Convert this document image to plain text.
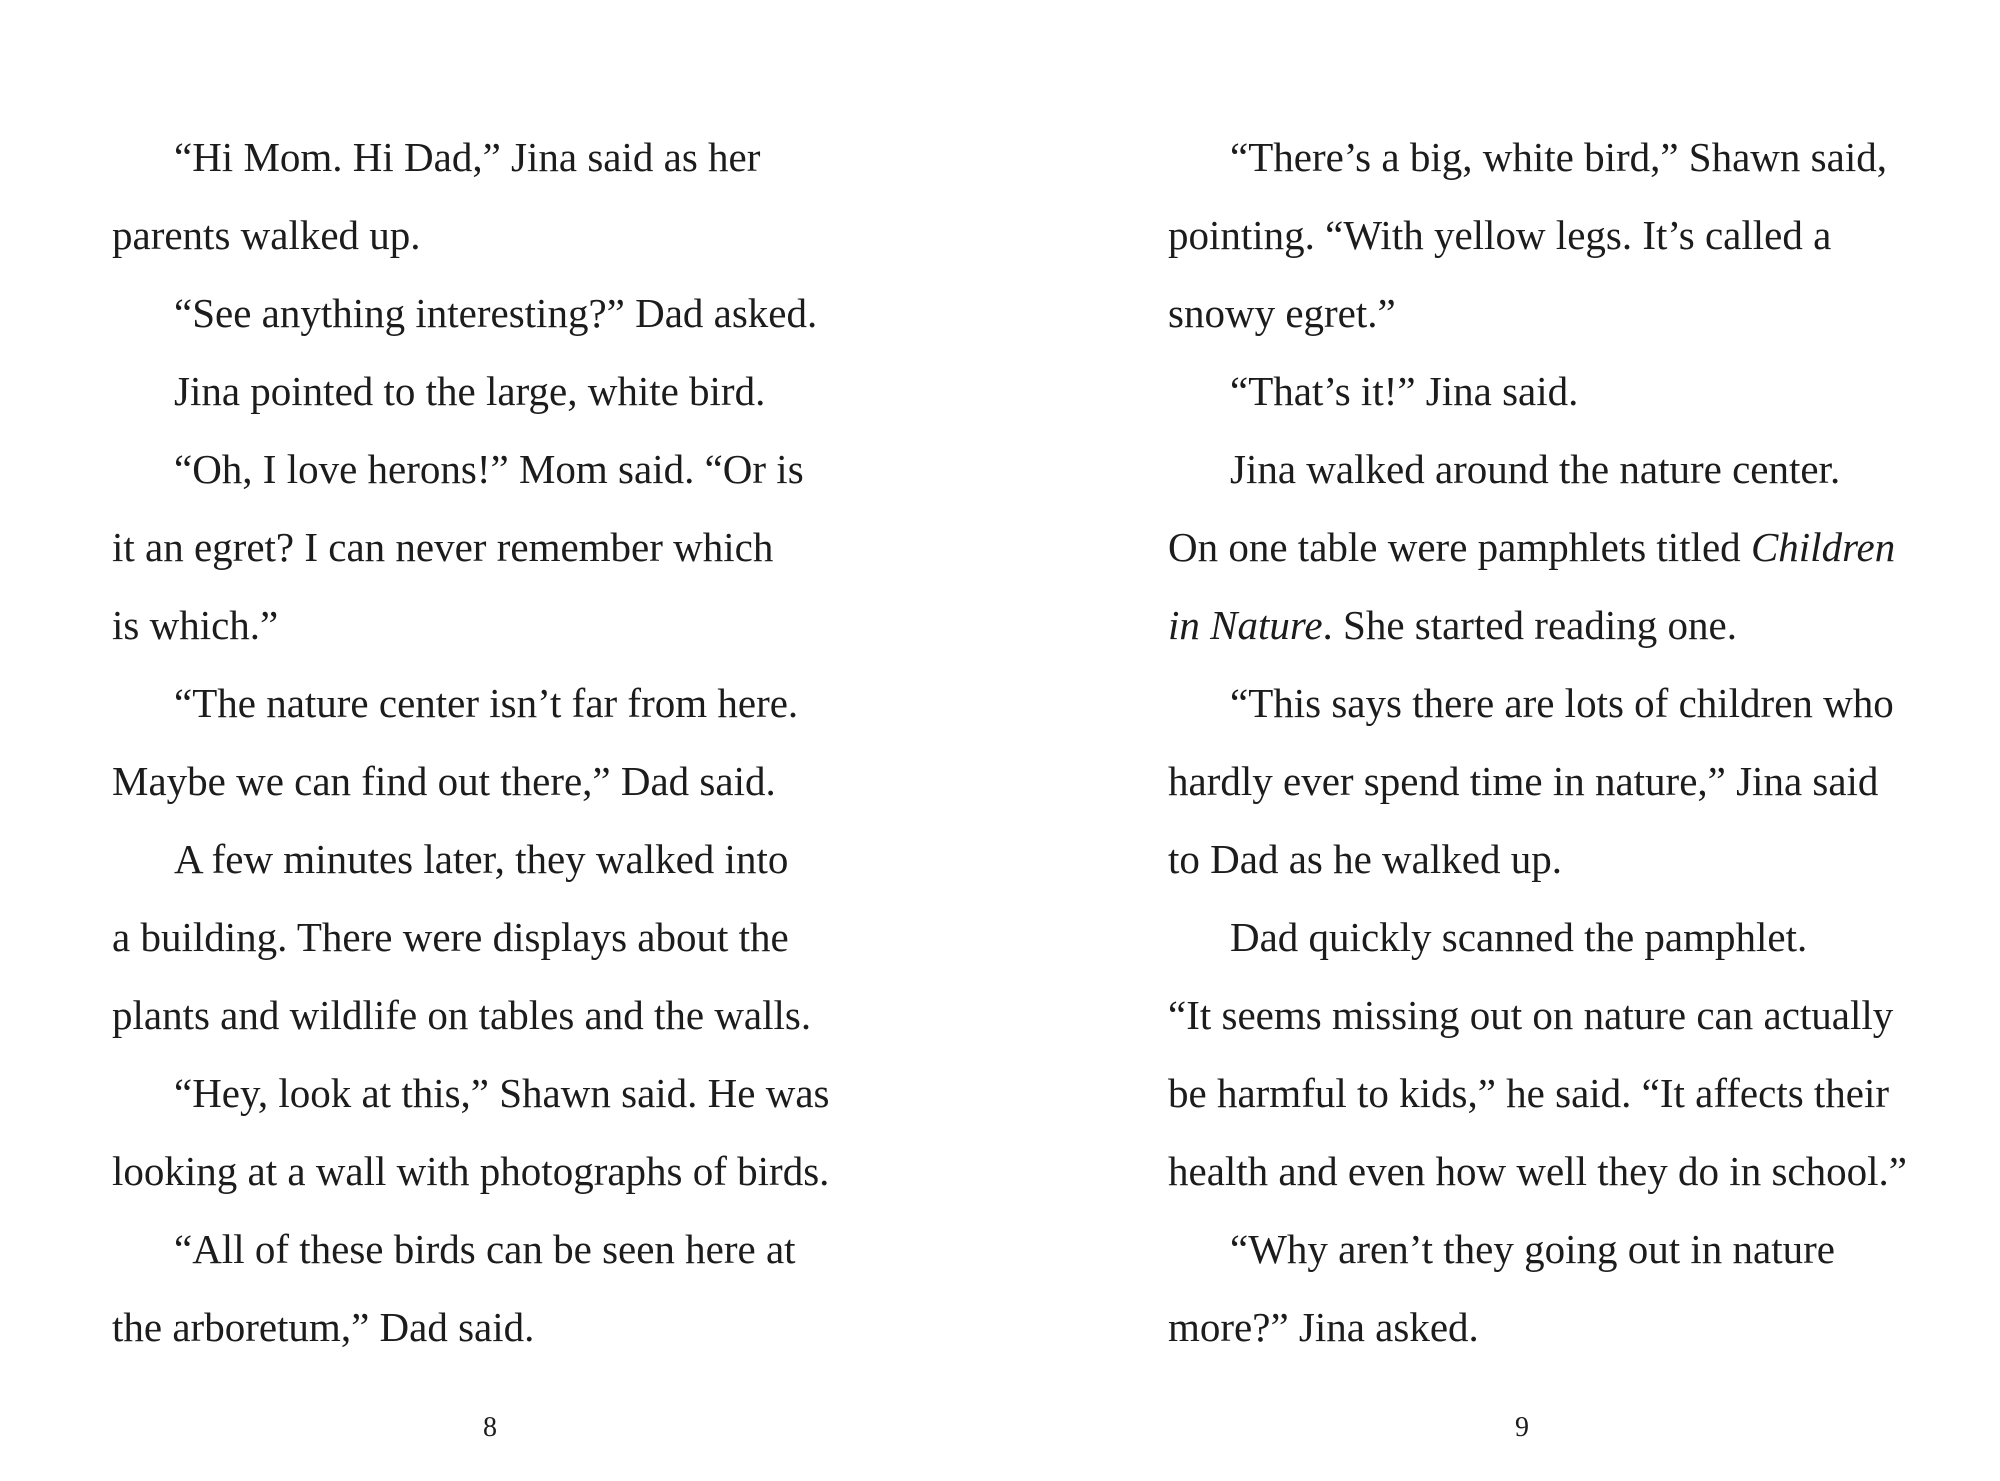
“Hi Mom. Hi Dad,” Jina said as her
parents walked up.
“See anything interesting?” Dad asked.
Jina pointed to the large, white bird.
“Oh, I love herons!” Mom said. “Or is
it an egret? I can never remember which
is which.”
“The nature center isn’t far from here.
Maybe we can find out there,” Dad said.
A few minutes later, they walked into
a building. There were displays about the
plants and wildlife on tables and the walls.
“Hey, look at this,” Shawn said. He was
looking at a wall with photographs of birds.
“All of these birds can be seen here at
the arboretum,” Dad said.
8
“There’s a big, white bird,” Shawn said,
pointing. “With yellow legs. It’s called a
snowy egret.”
“That’s it!” Jina said.
Jina walked around the nature center.
On one table were pamphlets titled Children
in Nature. She started reading one.
“This says there are lots of children who
hardly ever spend time in nature,” Jina said
to Dad as he walked up.
Dad quickly scanned the pamphlet.
“It seems missing out on nature can actually
be harmful to kids,” he said. “It affects their
health and even how well they do in school.”
“Why aren’t they going out in nature
more?” Jina asked.
9
